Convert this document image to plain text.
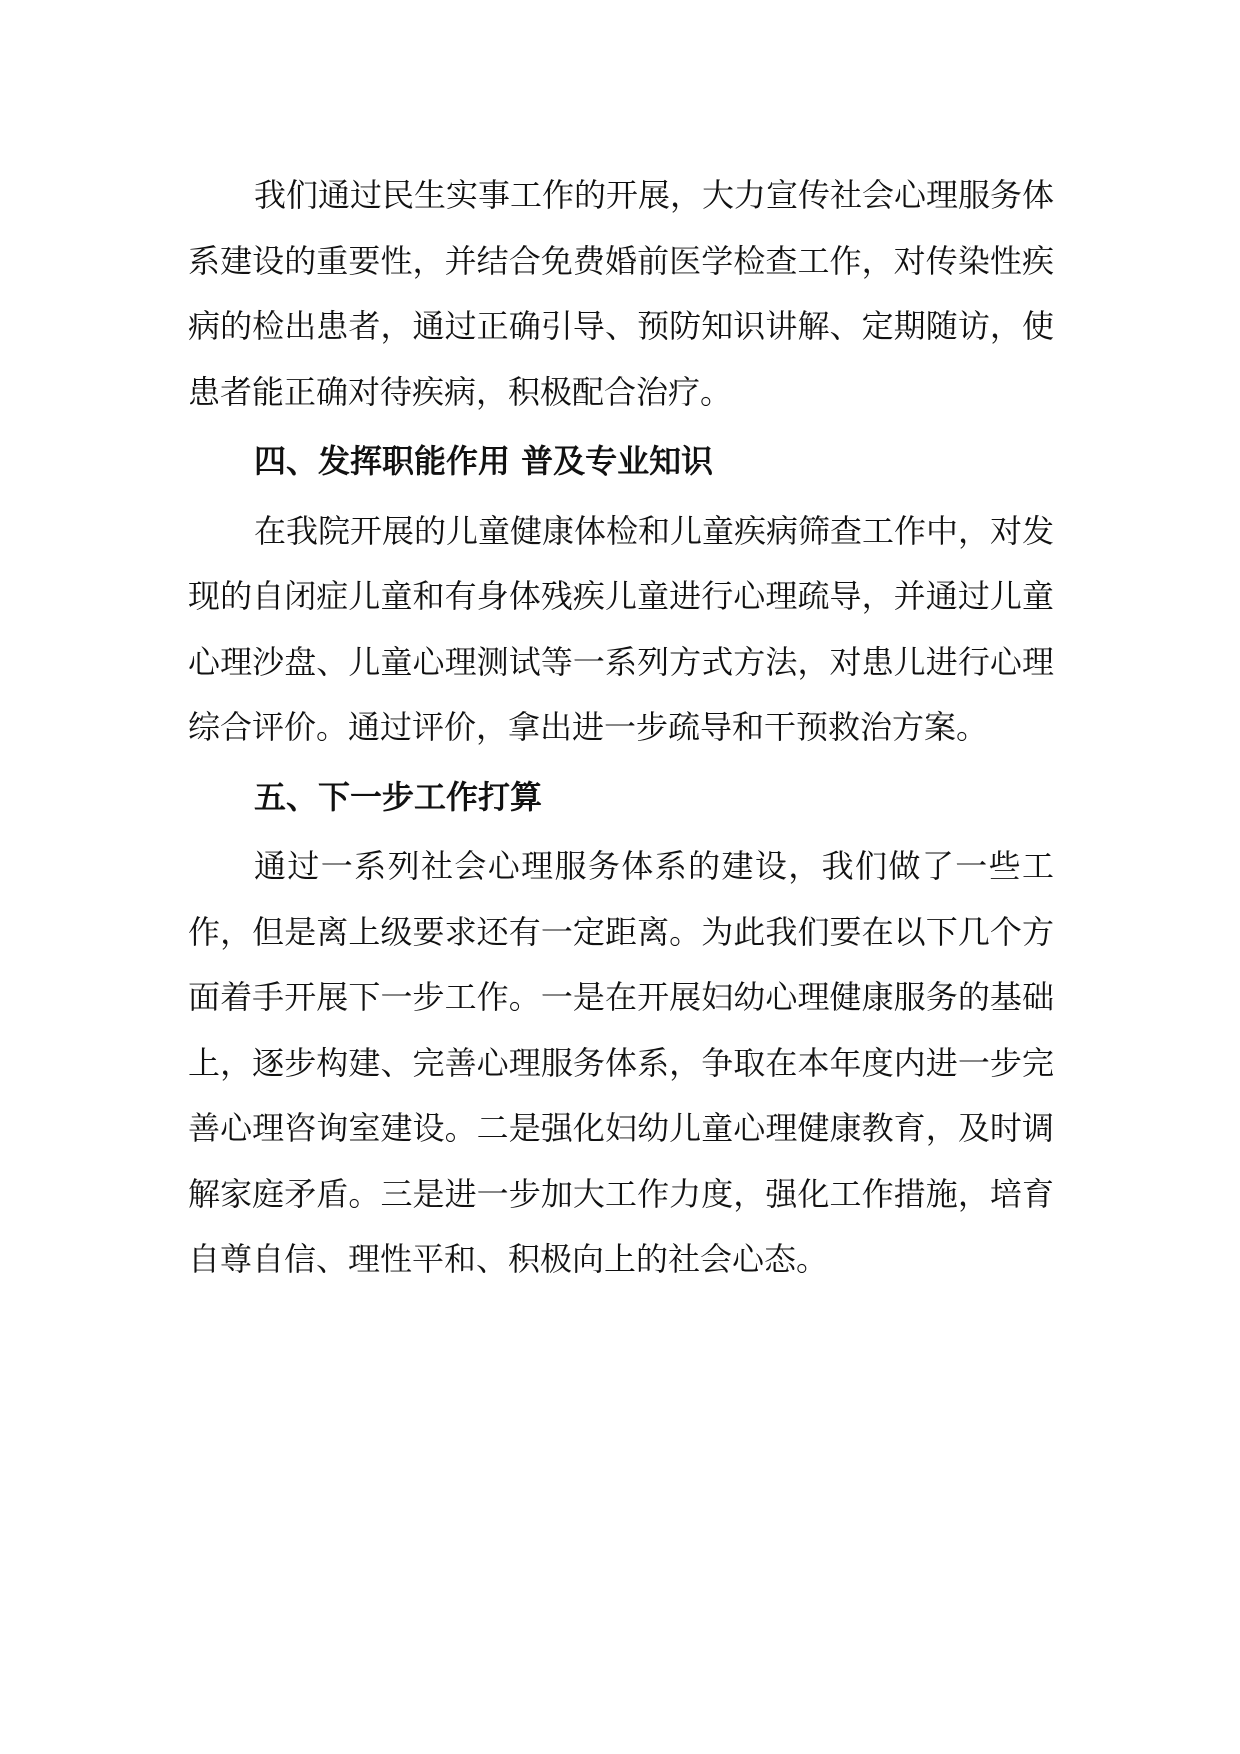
我们通过民生实事工作的开展，大力宣传社会心理服务体系建设的重要性，并结合免费婚前医学检查工作，对传染性疾病的检出患者，通过正确引导、预防知识讲解、定期随访，使患者能正确对待疾病，积极配合治疗。

四、发挥职能作用 普及专业知识

在我院开展的儿童健康体检和儿童疾病筛查工作中，对发现的自闭症儿童和有身体残疾儿童进行心理疏导，并通过儿童心理沙盘、儿童心理测试等一系列方式方法，对患儿进行心理综合评价。通过评价，拿出进一步疏导和干预救治方案。

五、下一步工作打算

通过一系列社会心理服务体系的建设，我们做了一些工作，但是离上级要求还有一定距离。为此我们要在以下几个方面着手开展下一步工作。一是在开展妇幼心理健康服务的基础上，逐步构建、完善心理服务体系，争取在本年度内进一步完善心理咨询室建设。二是强化妇幼儿童心理健康教育，及时调解家庭矛盾。三是进一步加大工作力度，强化工作措施，培育自尊自信、理性平和、积极向上的社会心态。
